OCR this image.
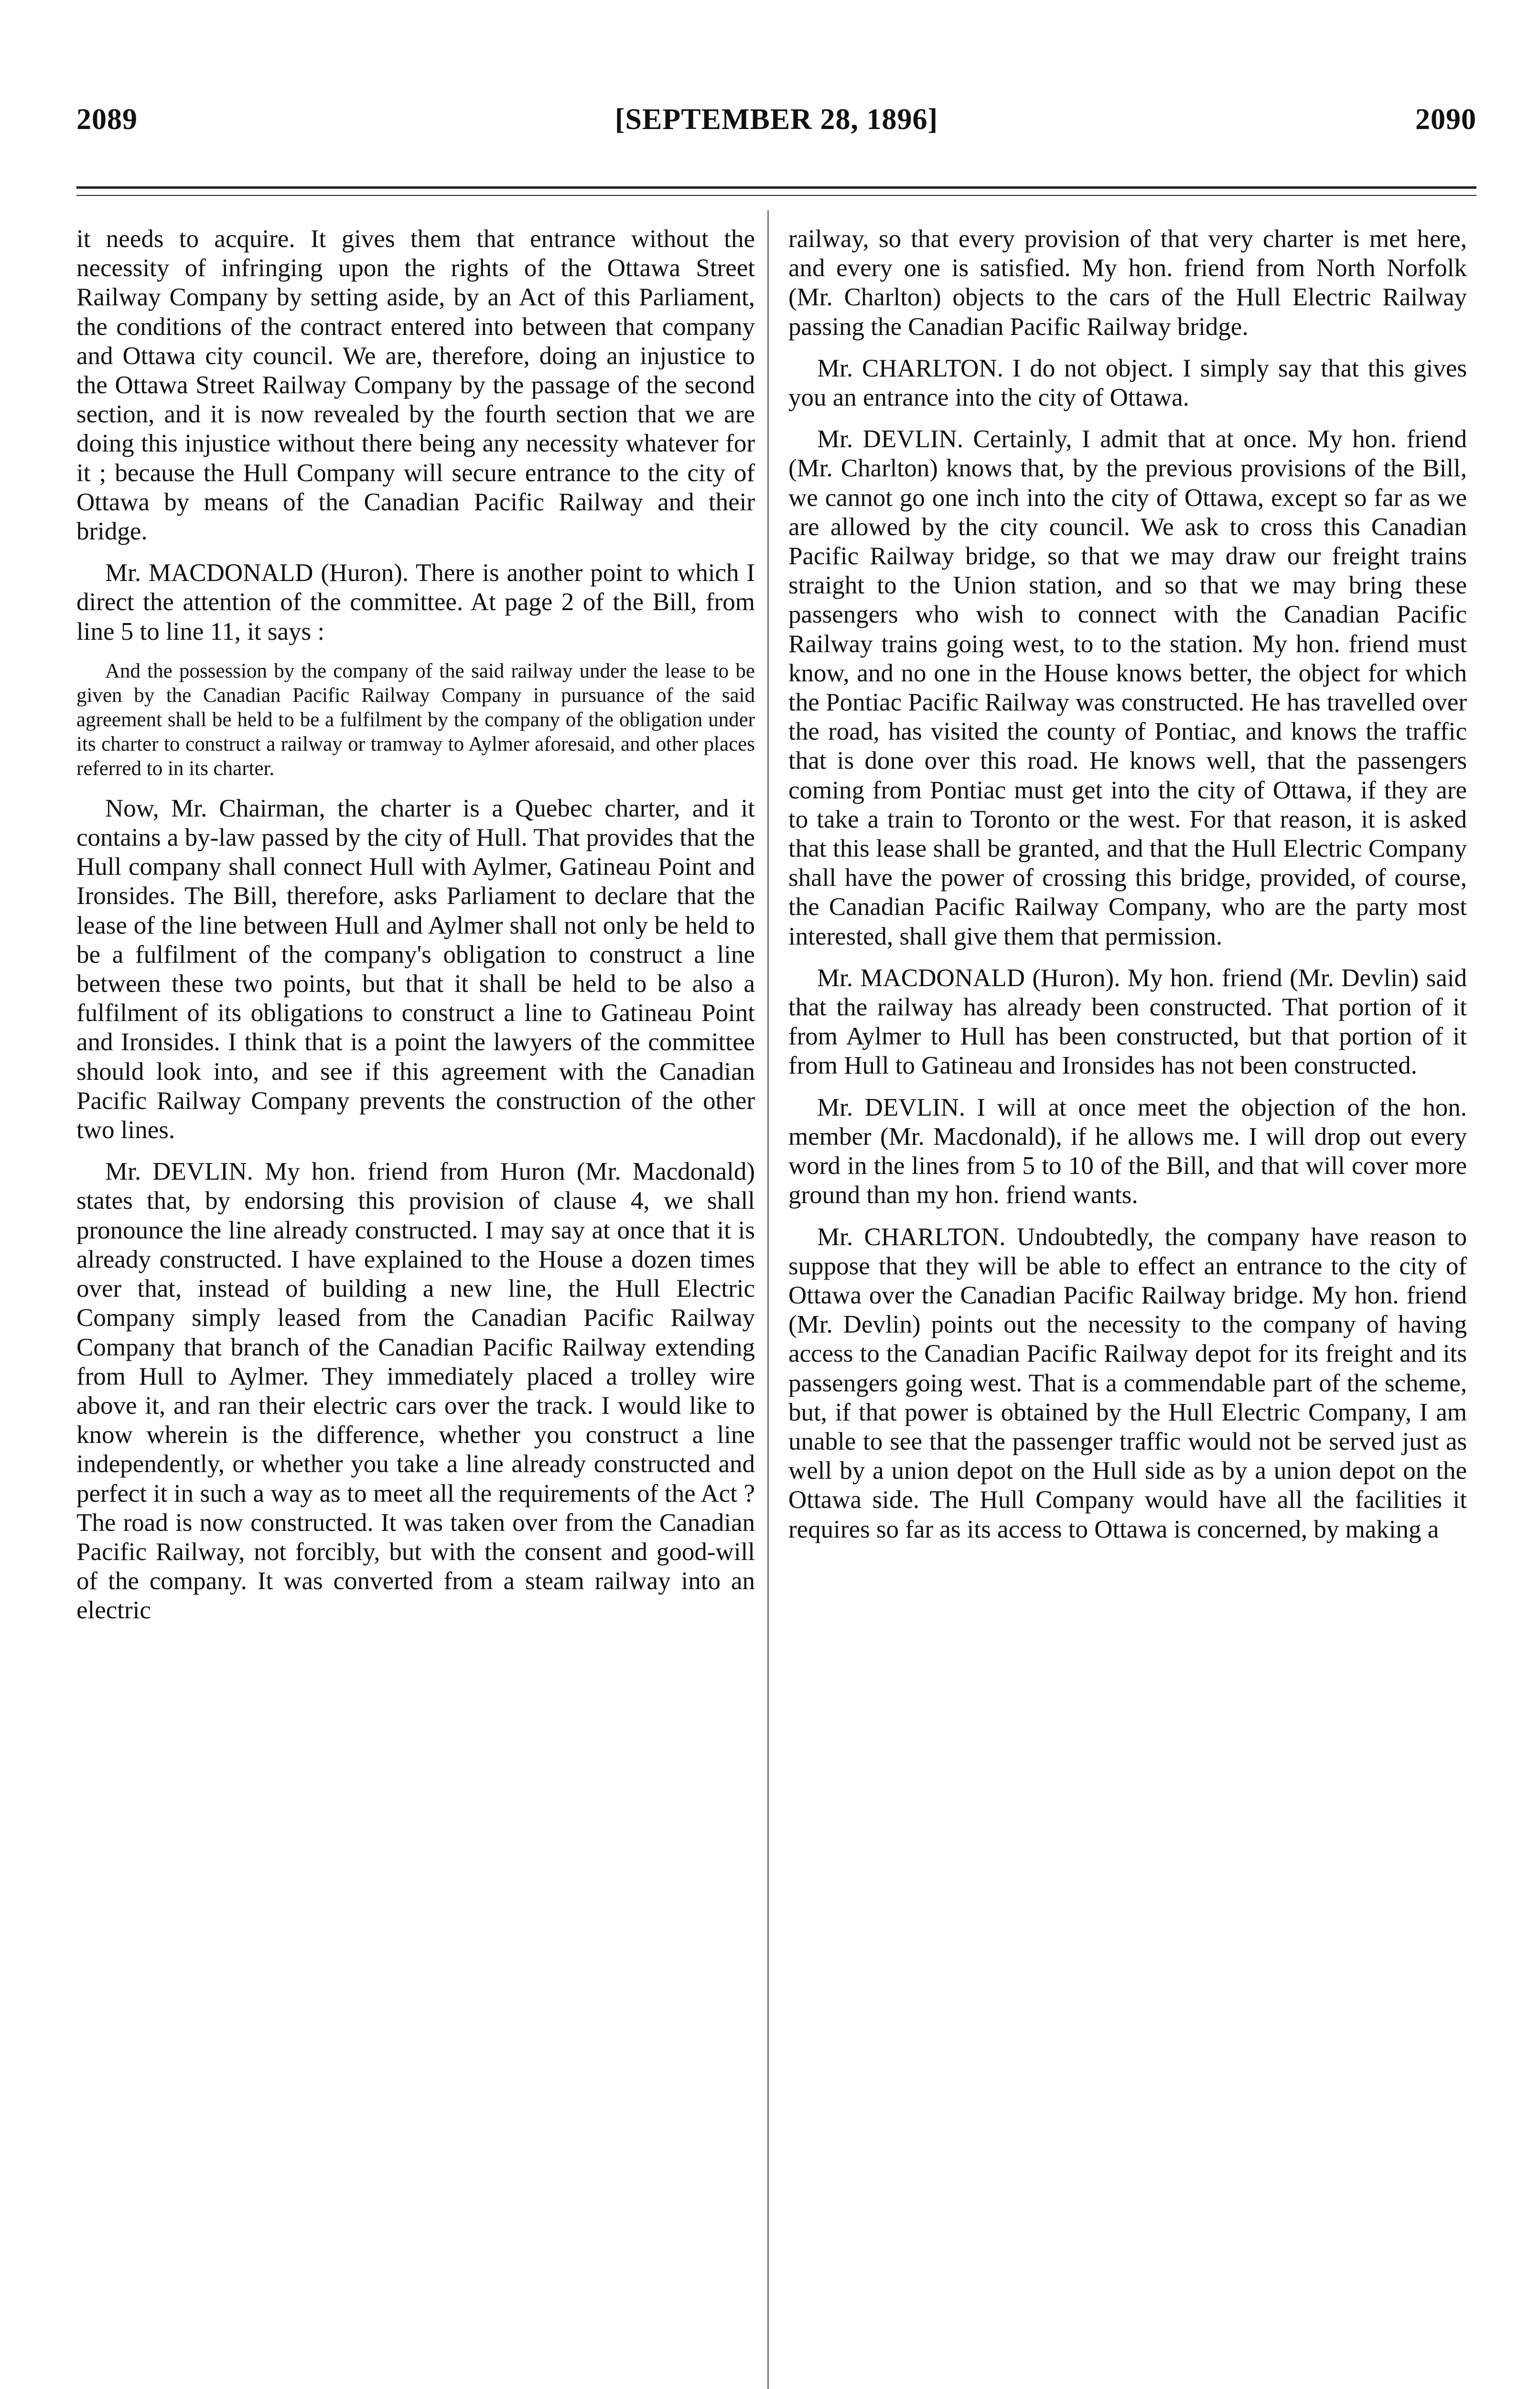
2089	[SEPTEMBER 28, 1896]	2090

it needs to acquire. It gives them that entrance without the necessity of infringing upon the rights of the Ottawa Street Railway Company by setting aside, by an Act of this Parliament, the conditions of the contract entered into between that company and Ottawa city council. We are, therefore, doing an injustice to the Ottawa Street Railway Company by the passage of the second section, and it is now revealed by the fourth section that we are doing this injustice without there being any necessity whatever for it ; because the Hull Company will secure entrance to the city of Ottawa by means of the Canadian Pacific Railway and their bridge.

Mr. MACDONALD (Huron). There is another point to which I direct the attention of the committee. At page 2 of the Bill, from line 5 to line 11, it says :

And the possession by the company of the said railway under the lease to be given by the Canadian Pacific Railway Company in pursuance of the said agreement shall be held to be a fulfilment by the company of the obligation under its charter to construct a railway or tramway to Aylmer aforesaid, and other places referred to in its charter.

Now, Mr. Chairman, the charter is a Quebec charter, and it contains a by-law passed by the city of Hull. That provides that the Hull company shall connect Hull with Aylmer, Gatineau Point and Ironsides. The Bill, therefore, asks Parliament to declare that the lease of the line between Hull and Aylmer shall not only be held to be a fulfilment of the company's obligation to construct a line between these two points, but that it shall be held to be also a fulfilment of its obligations to construct a line to Gatineau Point and Ironsides. I think that is a point the lawyers of the committee should look into, and see if this agreement with the Canadian Pacific Railway Company prevents the construction of the other two lines.

Mr. DEVLIN. My hon. friend from Huron (Mr. Macdonald) states that, by endorsing this provision of clause 4, we shall pronounce the line already constructed. I may say at once that it is already constructed. I have explained to the House a dozen times over that, instead of building a new line, the Hull Electric Company simply leased from the Canadian Pacific Railway Company that branch of the Canadian Pacific Railway extending from Hull to Aylmer. They immediately placed a trolley wire above it, and ran their electric cars over the track. I would like to know wherein is the difference, whether you construct a line independently, or whether you take a line already constructed and perfect it in such a way as to meet all the requirements of the Act ? The road is now constructed. It was taken over from the Canadian Pacific Railway, not forcibly, but with the consent and good-will of the company. It was converted from a steam railway into an electric

railway, so that every provision of that very charter is met here, and every one is satisfied. My hon. friend from North Norfolk (Mr. Charlton) objects to the cars of the Hull Electric Railway passing the Canadian Pacific Railway bridge.

Mr. CHARLTON. I do not object. I simply say that this gives you an entrance into the city of Ottawa.

Mr. DEVLIN. Certainly, I admit that at once. My hon. friend (Mr. Charlton) knows that, by the previous provisions of the Bill, we cannot go one inch into the city of Ottawa, except so far as we are allowed by the city council. We ask to cross this Canadian Pacific Railway bridge, so that we may draw our freight trains straight to the Union station, and so that we may bring these passengers who wish to connect with the Canadian Pacific Railway trains going west, to to the station. My hon. friend must know, and no one in the House knows better, the object for which the Pontiac Pacific Railway was constructed. He has travelled over the road, has visited the county of Pontiac, and knows the traffic that is done over this road. He knows well, that the passengers coming from Pontiac must get into the city of Ottawa, if they are to take a train to Toronto or the west. For that reason, it is asked that this lease shall be granted, and that the Hull Electric Company shall have the power of crossing this bridge, provided, of course, the Canadian Pacific Railway Company, who are the party most interested, shall give them that permission.

Mr. MACDONALD (Huron). My hon. friend (Mr. Devlin) said that the railway has already been constructed. That portion of it from Aylmer to Hull has been constructed, but that portion of it from Hull to Gatineau and Ironsides has not been constructed.

Mr. DEVLIN. I will at once meet the objection of the hon. member (Mr. Macdonald), if he allows me. I will drop out every word in the lines from 5 to 10 of the Bill, and that will cover more ground than my hon. friend wants.

Mr. CHARLTON. Undoubtedly, the company have reason to suppose that they will be able to effect an entrance to the city of Ottawa over the Canadian Pacific Railway bridge. My hon. friend (Mr. Devlin) points out the necessity to the company of having access to the Canadian Pacific Railway depot for its freight and its passengers going west. That is a commendable part of the scheme, but, if that power is obtained by the Hull Electric Company, I am unable to see that the passenger traffic would not be served just as well by a union depot on the Hull side as by a union depot on the Ottawa side. The Hull Company would have all the facilities it requires so far as its access to Ottawa is concerned, by making a
